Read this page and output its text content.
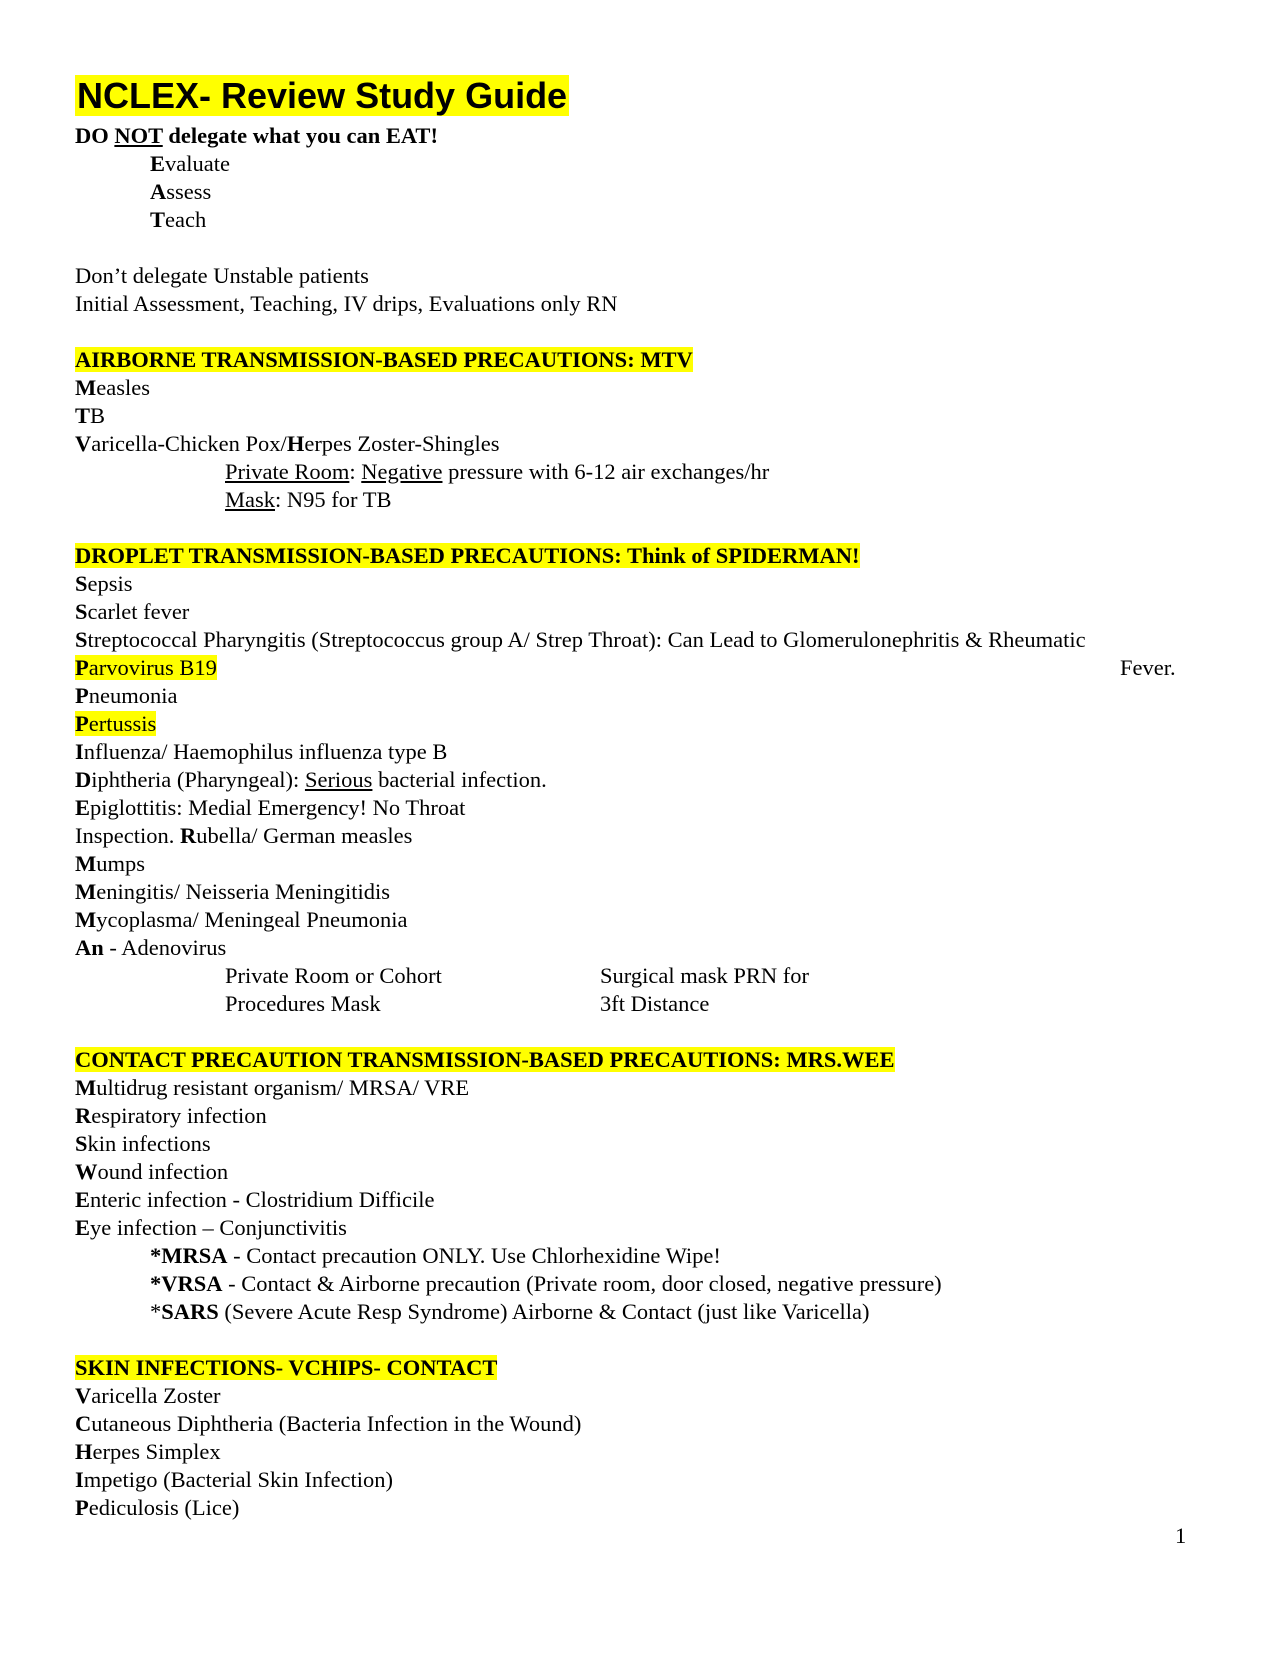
NCLEX- Review Study Guide
DO NOT delegate what you can EAT!
Evaluate
Assess
Teach
Don’t delegate Unstable patients
Initial Assessment, Teaching, IV drips, Evaluations only RN
AIRBORNE TRANSMISSION-BASED PRECAUTIONS: MTV
Measles
TB
Varicella-Chicken Pox/Herpes Zoster-Shingles
Private Room: Negative pressure with 6-12 air exchanges/hr
Mask: N95 for TB
DROPLET TRANSMISSION-BASED PRECAUTIONS: Think of SPIDERMAN!
Sepsis
Scarlet fever
Streptococcal Pharyngitis (Streptococcus group A/ Strep Throat): Can Lead to Glomerulonephritis & Rheumatic
Parvovirus B19	Fever.
Pneumonia
Pertussis
Influenza/ Haemophilus influenza type B
Diphtheria (Pharyngeal): Serious bacterial infection.
Epiglottitis: Medial Emergency! No Throat
Inspection. Rubella/ German measles
Mumps
Meningitis/ Neisseria Meningitidis
Mycoplasma/ Meningeal Pneumonia
An - Adenovirus
Private Room or Cohort	Surgical mask PRN for
Procedures Mask	3ft Distance
CONTACT PRECAUTION TRANSMISSION-BASED PRECAUTIONS: MRS.WEE
Multidrug resistant organism/ MRSA/ VRE
Respiratory infection
Skin infections
Wound infection
Enteric infection - Clostridium Difficile
Eye infection – Conjunctivitis
*MRSA - Contact precaution ONLY. Use Chlorhexidine Wipe!
*VRSA - Contact & Airborne precaution (Private room, door closed, negative pressure)
*SARS (Severe Acute Resp Syndrome) Airborne & Contact (just like Varicella)
SKIN INFECTIONS- VCHIPS- CONTACT
Varicella Zoster
Cutaneous Diphtheria (Bacteria Infection in the Wound)
Herpes Simplex
Impetigo (Bacterial Skin Infection)
Pediculosis (Lice)
1
